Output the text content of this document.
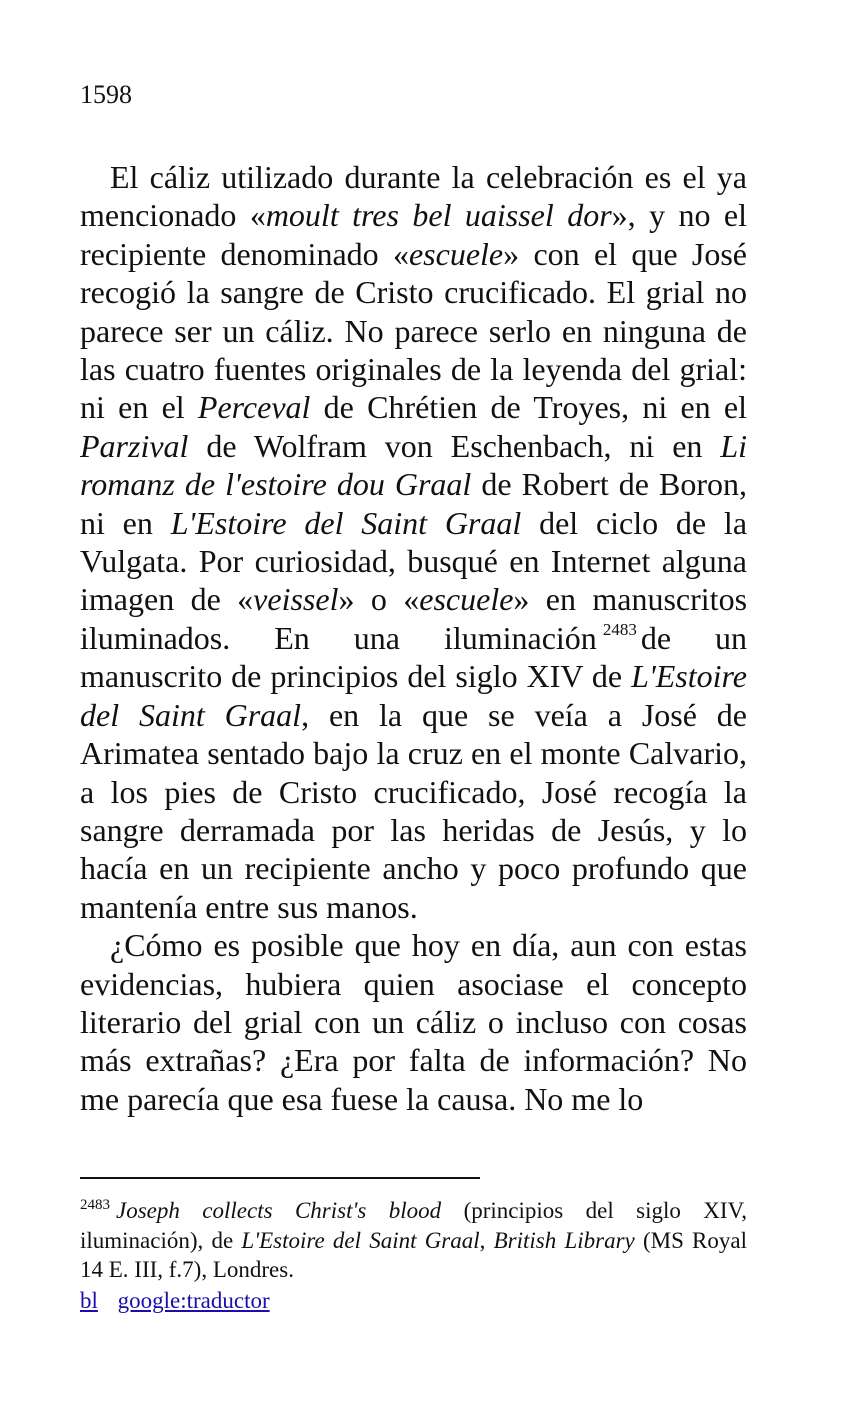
1598

El cáliz utilizado durante la celebración es el ya mencionado «moult tres bel uaissel dor», y no el recipiente denominado «escuele» con el que José recogió la sangre de Cristo crucificado. El grial no parece ser un cáliz. No parece serlo en ninguna de las cuatro fuentes originales de la leyenda del grial: ni en el Perceval de Chrétien de Troyes, ni en el Parzival de Wolfram von Eschenbach, ni en Li romanz de l'estoire dou Graal de Robert de Boron, ni en L'Estoire del Saint Graal del ciclo de la Vulgata. Por curiosidad, busqué en Internet alguna imagen de «veissel» o «escuele» en manuscritos iluminados. En una iluminación $^{2483}$ de un manuscrito de principios del siglo XIV de L'Estoire del Saint Graal, en la que se veía a José de Arimatea sentado bajo la cruz en el monte Calvario, a los pies de Cristo crucificado, José recogía la sangre derramada por las heridas de Jesús, y lo hacía en un recipiente ancho y poco profundo que mantenía entre sus manos.

¿Cómo es posible que hoy en día, aun con estas evidencias, hubiera quien asociase el concepto literario del grial con un cáliz o incluso con cosas más extrañas? ¿Era por falta de información? No me parecía que esa fuese la causa. No me lo

$^{2483}$ Joseph collects Christ's blood (principios del siglo XIV, iluminación), de L'Estoire del Saint Graal, British Library (MS Royal 14 E. III, f.7), Londres.

bl google:traductor
